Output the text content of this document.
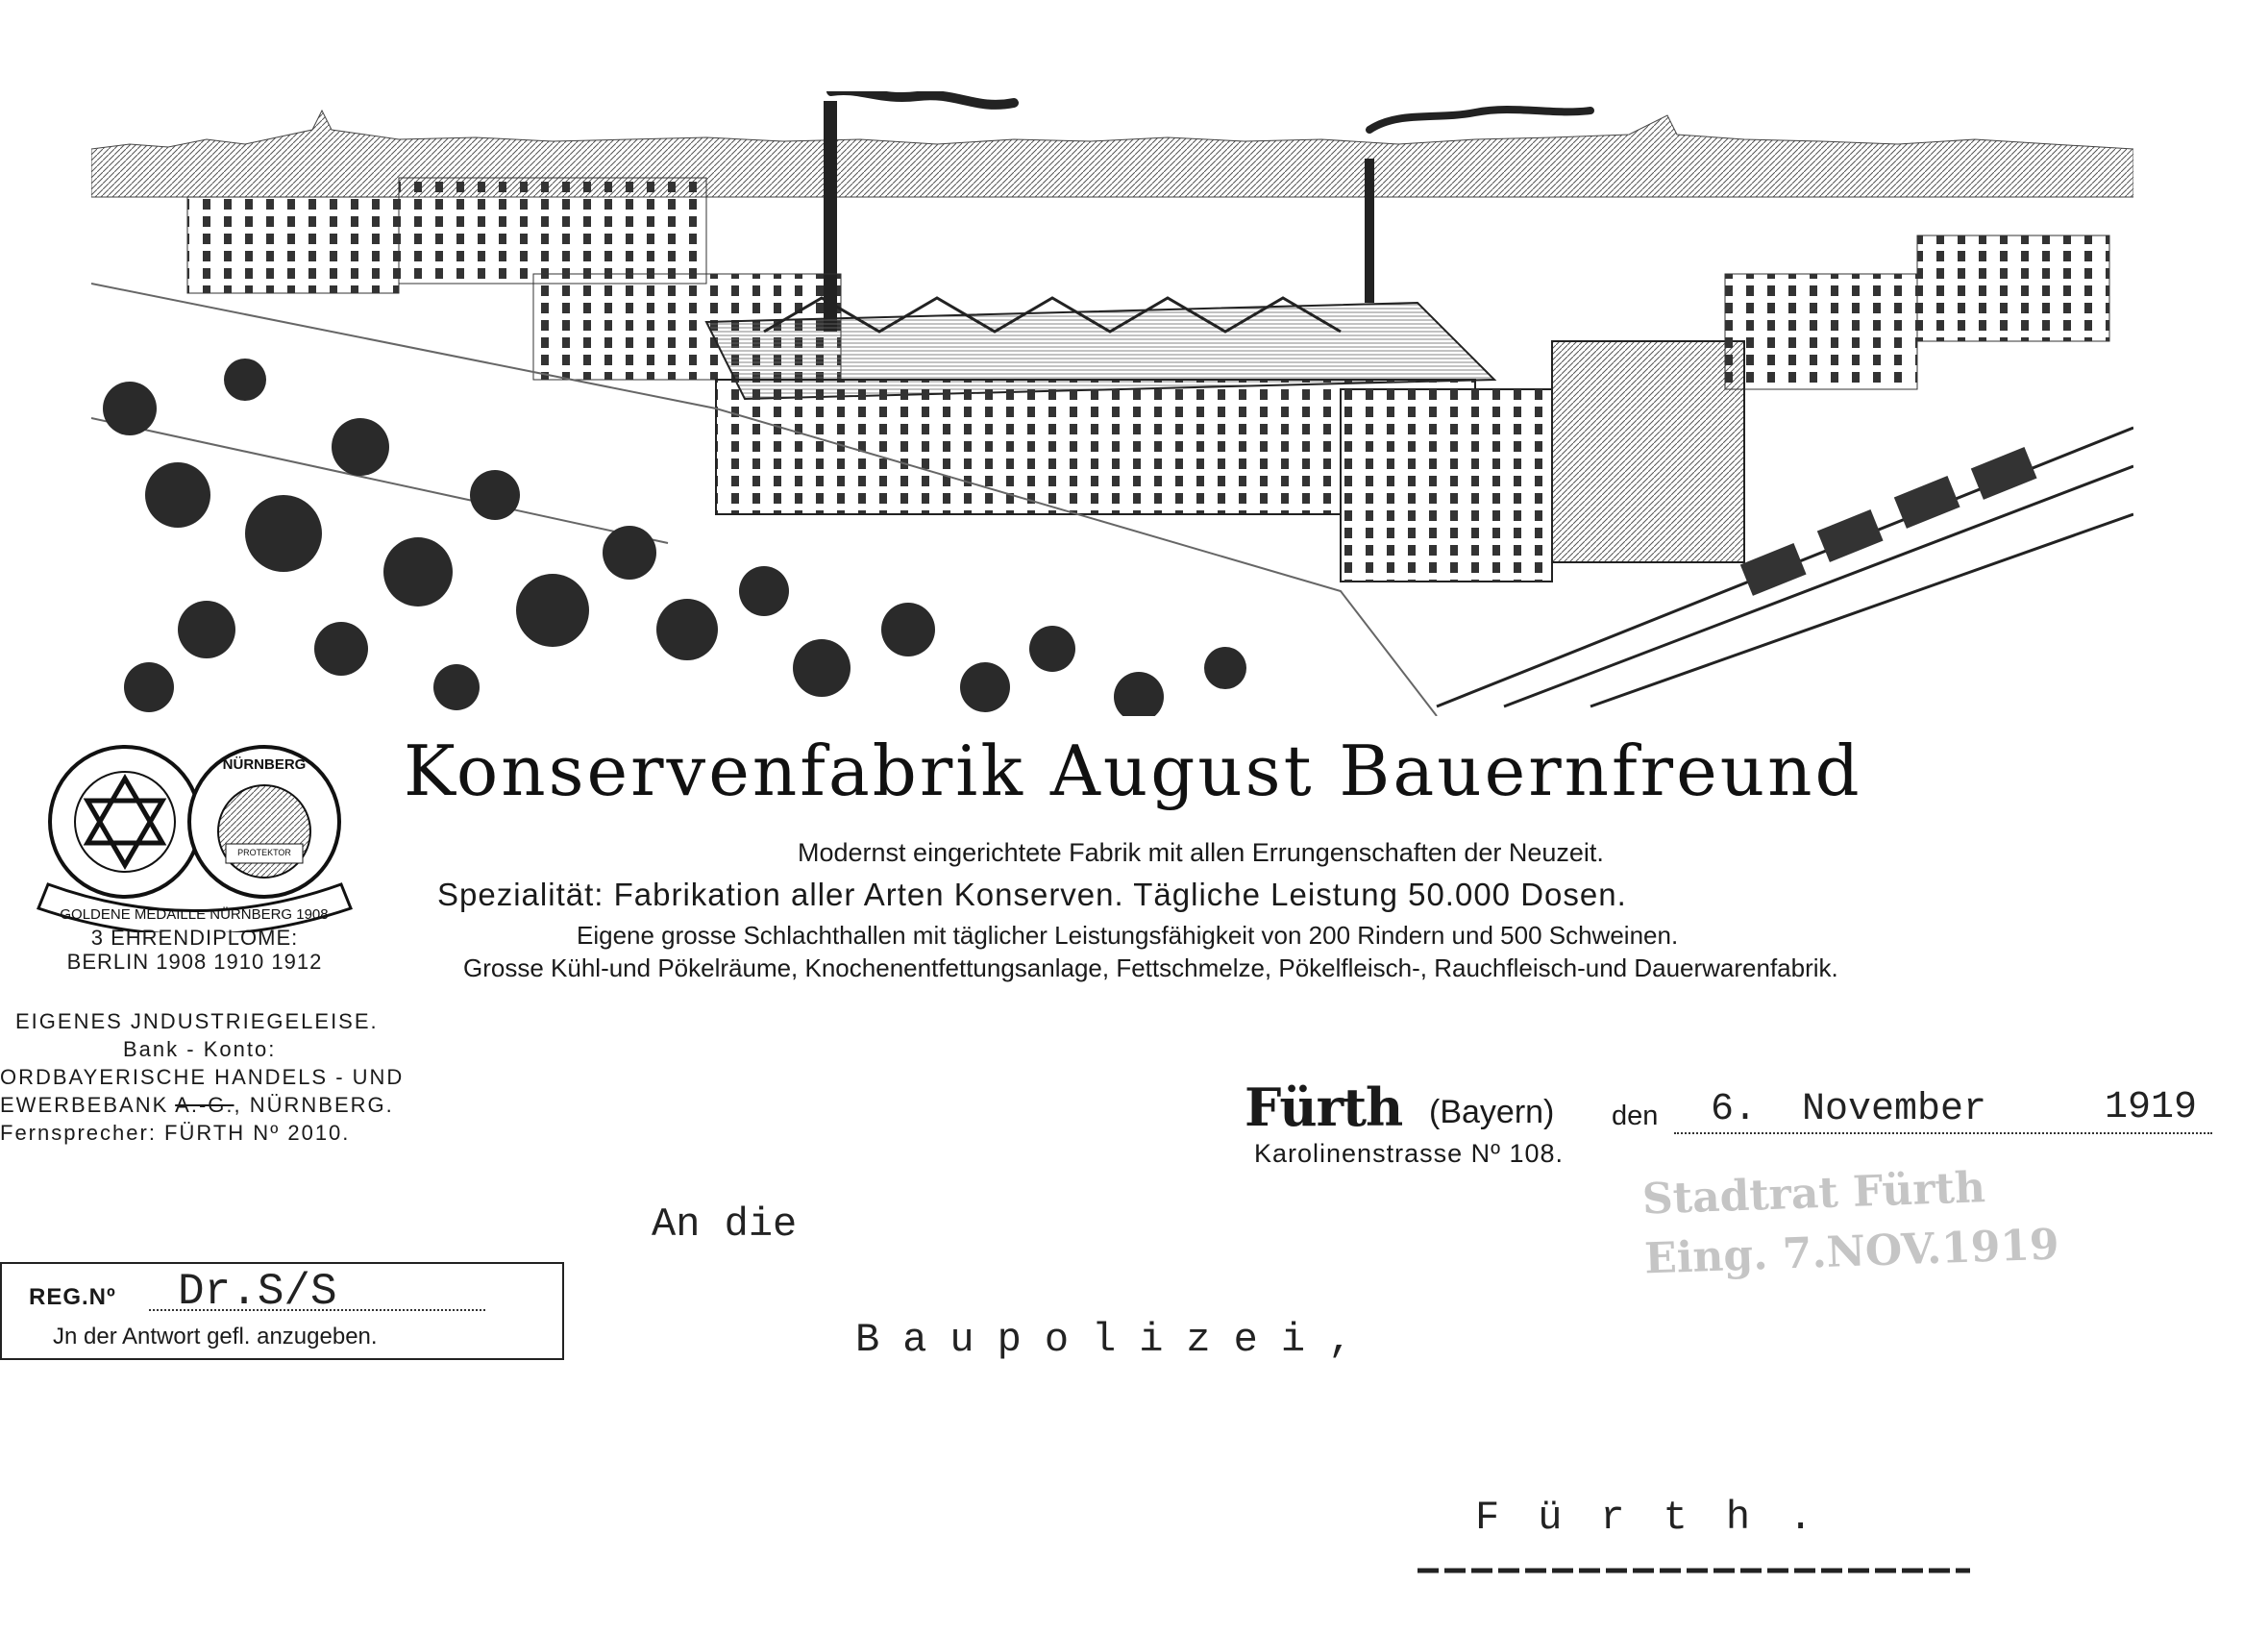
GOLDENE MEDAILLE NÜRNBERG 1908
NÜRNBERG
PROTEKTOR
3 EHRENDIPLOME:
BERLIN 1908 1910 1912
EIGENES JNDUSTRIEGELEISE.
Bank - Konto:
ORDBAYERISCHE HANDELS - UND
EWERBEBANK A.-G., NÜRNBERG.
Fernsprecher: FÜRTH Nº 2010.
Konservenfabrik August Bauernfreund
Modernst eingerichtete Fabrik mit allen Errungenschaften der Neuzeit.
Spezialität: Fabrikation aller Arten Konserven. Tägliche Leistung 50.000 Dosen.
Eigene grosse Schlachthallen mit täglicher Leistungsfähigkeit von 200 Rindern und 500 Schweinen.
Grosse Kühl-und Pökelräume, Knochenentfettungsanlage, Fettschmelze, Pökelfleisch-, Rauchfleisch-und Dauerwarenfabrik.
Fürth (Bayern) den 6. November	1919
Karolinenstrasse Nº 108.
Stadtrat Fürth
Eing. 7.NOV.1919
REG.Nº Dr.S/S
Jn der Antwort gefl. anzugeben.
An die
Baupolizei,
Fürth.
